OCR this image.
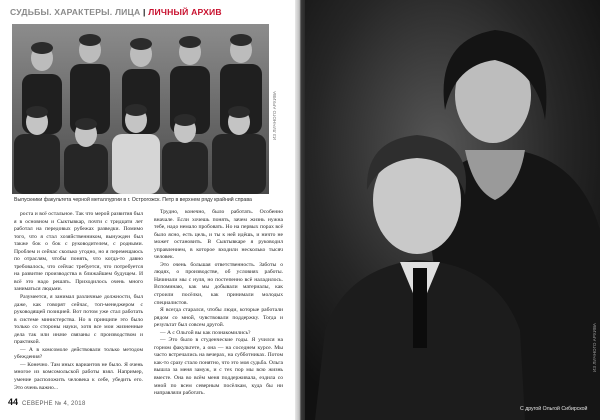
СУДЬБЫ. ХАРАКТЕРЫ. ЛИЦА | ЛИЧНЫЙ АРХИВ
Выпускники факультета черной металлургии в г. Острогожск. Петр в верхнем ряду крайний справа

роста и всё остальное. Так что мерой развития был я в основном и Сыктывкар, почти с тридцати лет работал на передовых рубежах разведки. Помимо того, что я стал хозяйственником, вынужден был также бок о бок с руководителем, с родными. Проблем и сейчас сколько угодно, но я перемещаюсь по отраслям, чтобы понять, что когда-то давно требовалось, что сейчас требуется, что потребуется на развитие производства в ближайшем будущем. И всё это надо решать. Приходилось очень много заниматься людьми.

Разумеется, я занимал различные должности, был даже, как говорят сейчас, топ-менеджером с руководящей позицией. Вот потом уже стал работать в системе министерства. Но в принципе это было только со стороны науки, хотя все мои жизненные дела так или иначе связаны с производством и практикой.

— А в комсомоле действовали только методом убеждения?

— Конечно. Там иных вариантов не было. Я очень многое из комсомольской работы взял. Например, умение расположить человека к себе, убедить его. Это очень важно...

Трудно, конечно, было работать. Особенно вначале. Если хочешь понять, зачем жизнь нужна тебе, надо немало пробовать. Но на первых порах всё было ясно, есть цель, и ты к ней идёшь, и ничто не может остановить. В Сыктывкаре я руководил управлением, в которое входили несколько тысяч человек.

Это очень большая ответственность. Заботы о людях, о производстве, об условиях работы. Начинали мы с нуля, но постепенно всё наладилось. Вспоминаю, как мы добывали материалы, как строили посёлки, как принимали молодых специалистов.

Я всегда старался, чтобы люди, которые работали рядом со мной, чувствовали поддержку. Тогда и результат был совсем другой.

— А с Ольгой вы как познакомились?

— Это было в студенческие годы. Я учился на горном факультете, а она — на соседнем курсе. Мы часто встречались на вечерах, на субботниках. Потом как-то сразу стало понятно, что это моя судьба. Ольга вышла за меня замуж, и с тех пор мы всю жизнь вместе. Она во всём меня поддерживала, ездила со мной по всем северным посёлкам, куда бы ни направляли работать.

44 СЕВЕРНЕ № 4, 2018
ИЗ ЛИЧНОГО АРХИВА
С другой Ольгой Сибирской
ИЗ ЛИЧНОГО АРХИВА
